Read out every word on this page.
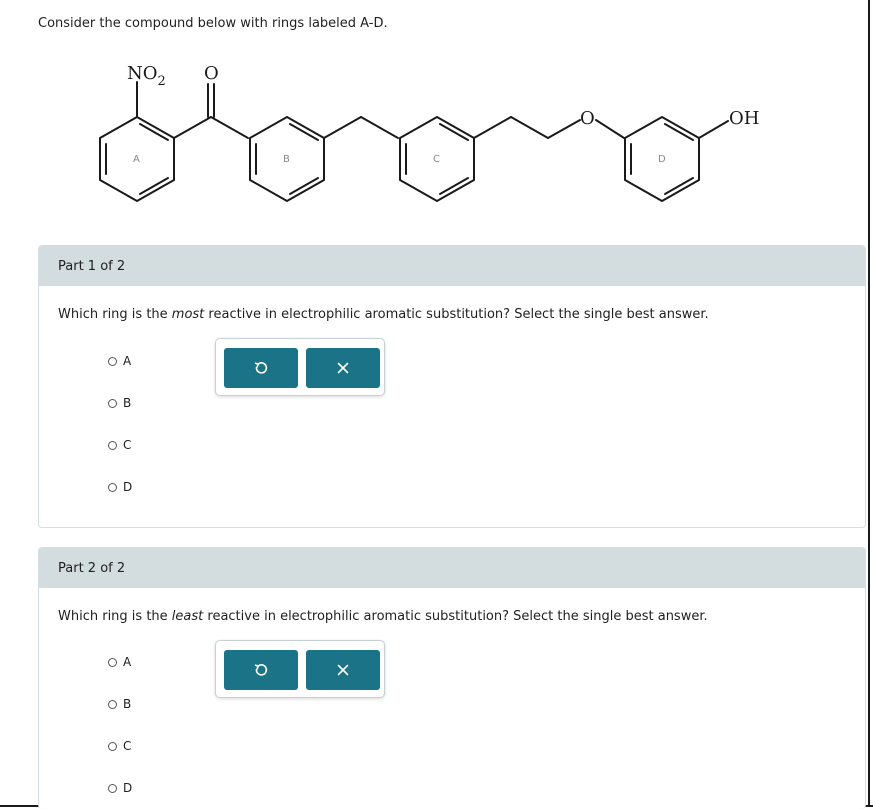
Consider the compound below with rings labeled A-D.
$NO_2$ O
O	OH
A	B	C	D
Part 1 of 2
Which ring is the most reactive in electrophilic aromatic substitution? Select the single best answer.
A
B
C
D
Part 2 of 2
Which ring is the least reactive in electrophilic aromatic substitution? Select the single best answer.
A
B
C
D
